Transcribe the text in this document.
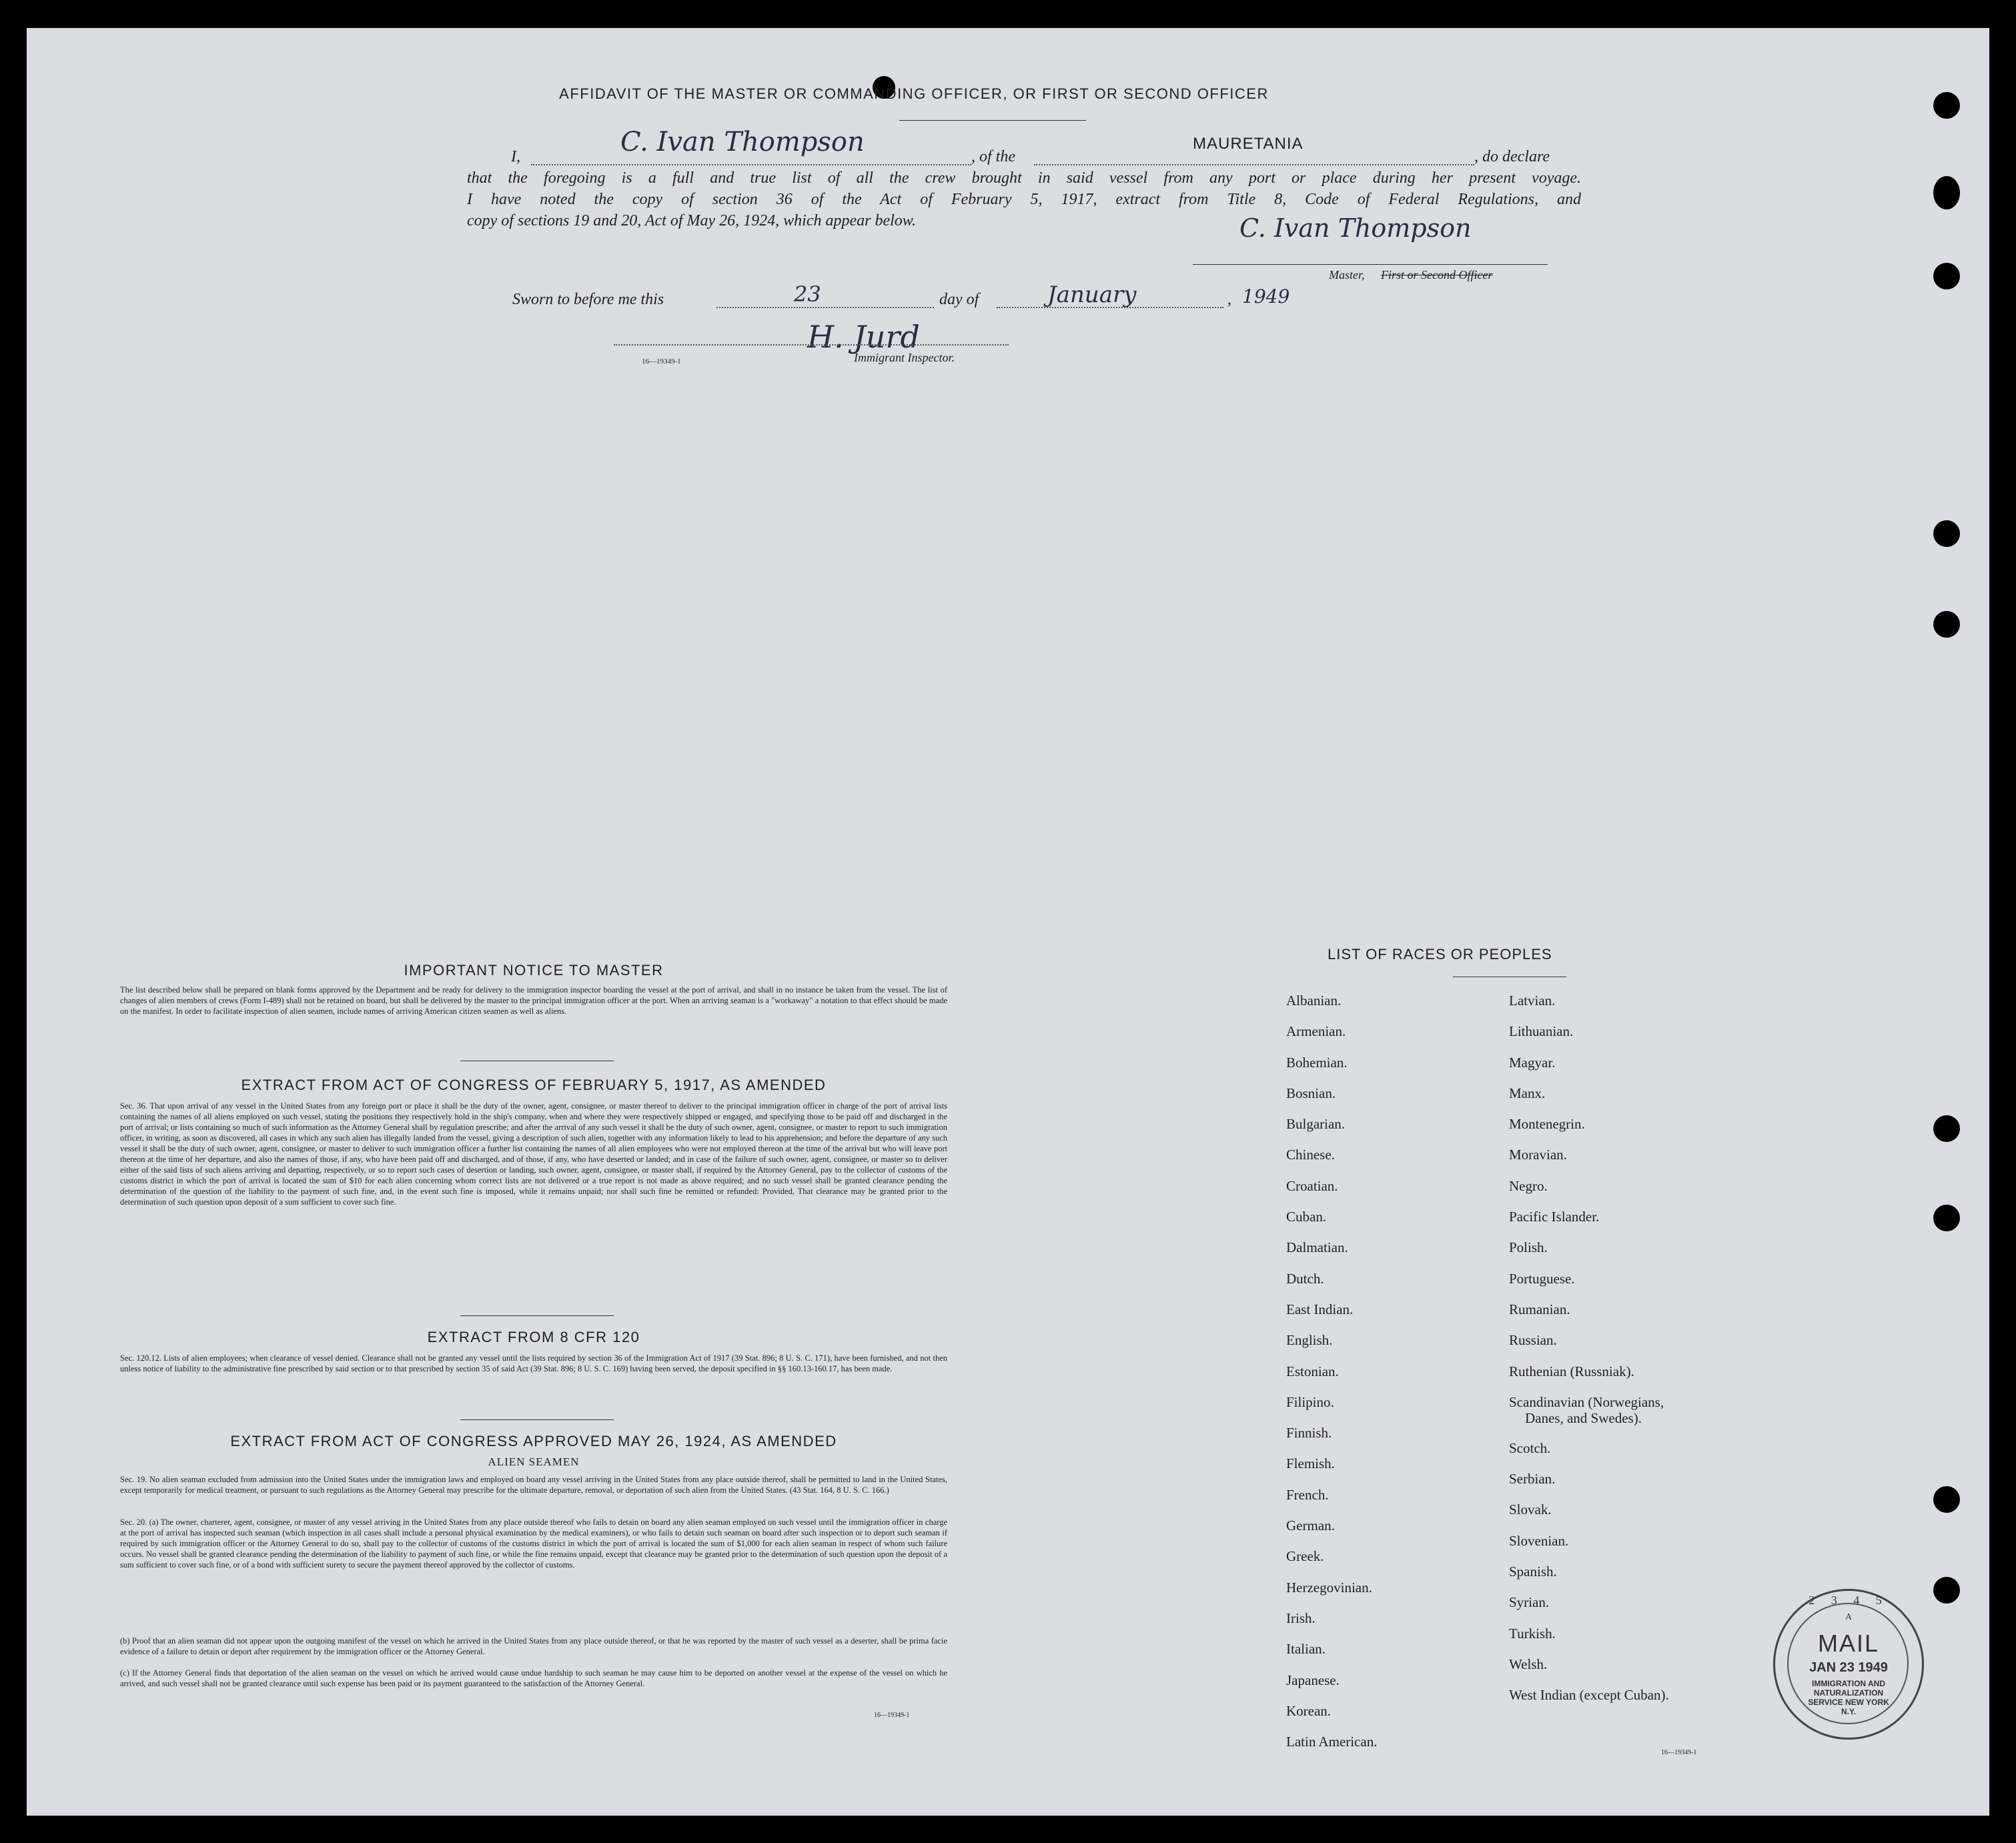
AFFIDAVIT OF THE MASTER OR COMMANDING OFFICER, OR FIRST OR SECOND OFFICER
I,	C. Ivan Thompson	, of the
MAURETANIA
, do declare
that the foregoing is a full and true list of all the crew brought in said vessel from any port or place during her present voyage.
I have noted the copy of section 36 of the Act of February 5, 1917, extract from Title 8, Code of Federal Regulations, and
copy of sections 19 and 20, Act of May 26, 1924, which appear below.	C. Ivan Thompson
Master, First or Second Officer
Sworn to before me this	23	day of	January	, 1949
H. Jurd
16—19349-1	Immigrant Inspector.
IMPORTANT NOTICE TO MASTER
The list described below shall be prepared on blank forms approved by the Department and be ready for delivery to the immigration inspector boarding the vessel at the port of arrival, and shall in no instance be taken from the vessel. The list of changes of alien members of crews (Form I-489) shall not be retained on board, but shall be delivered by the master to the principal immigration officer at the port. When an arriving seaman is a "workaway" a notation to that effect should be made on the manifest. In order to facilitate inspection of alien seamen, include names of arriving American citizen seamen as well as aliens.
EXTRACT FROM ACT OF CONGRESS OF FEBRUARY 5, 1917, AS AMENDED
Sec. 36. That upon arrival of any vessel in the United States from any foreign port or place it shall be the duty of the owner, agent, consignee, or master thereof to deliver to the principal immigration officer in charge of the port of arrival lists containing the names of all aliens employed on such vessel, stating the positions they respectively hold in the ship's company, when and where they were respectively shipped or engaged, and specifying those to be paid off and discharged in the port of arrival; or lists containing so much of such information as the Attorney General shall by regulation prescribe; and after the arrival of any such vessel it shall be the duty of such owner, agent, consignee, or master to report to such immigration officer, in writing, as soon as discovered, all cases in which any such alien has illegally landed from the vessel, giving a description of such alien, together with any information likely to lead to his apprehension; and before the departure of any such vessel it shall be the duty of such owner, agent, consignee, or master to deliver to such immigration officer a further list containing the names of all alien employees who were not employed thereon at the time of the arrival but who will leave port thereon at the time of her departure, and also the names of those, if any, who have been paid off and discharged, and of those, if any, who have deserted or landed; and in case of the failure of such owner, agent, consignee, or master so to deliver either of the said lists of such aliens arriving and departing, respectively, or so to report such cases of desertion or landing, such owner, agent, consignee, or master shall, if required by the Attorney General, pay to the collector of customs of the customs district in which the port of arrival is located the sum of $10 for each alien concerning whom correct lists are not delivered or a true report is not made as above required; and no such vessel shall be granted clearance pending the determination of the question of the liability to the payment of such fine, and, in the event such fine is imposed, while it remains unpaid; nor shall such fine be remitted or refunded: Provided, That clearance may be granted prior to the determination of such question upon deposit of a sum sufficient to cover such fine.
EXTRACT FROM 8 CFR 120
Sec. 120.12. Lists of alien employees; when clearance of vessel denied. Clearance shall not be granted any vessel until the lists required by section 36 of the Immigration Act of 1917 (39 Stat. 896; 8 U. S. C. 171), have been furnished, and not then unless notice of liability to the administrative fine prescribed by said section or to that prescribed by section 35 of said Act (39 Stat. 896; 8 U. S. C. 169) having been served, the deposit specified in §§ 160.13-160.17, has been made.
EXTRACT FROM ACT OF CONGRESS APPROVED MAY 26, 1924, AS AMENDED
ALIEN SEAMEN
Sec. 19. No alien seaman excluded from admission into the United States under the immigration laws and employed on board any vessel arriving in the United States from any place outside thereof, shall be permitted to land in the United States, except temporarily for medical treatment, or pursuant to such regulations as the Attorney General may prescribe for the ultimate departure, removal, or deportation of such alien from the United States. (43 Stat. 164, 8 U. S. C. 166.)
Sec. 20. (a) The owner, charterer, agent, consignee, or master of any vessel arriving in the United States from any place outside thereof who fails to detain on board any alien seaman employed on such vessel until the immigration officer in charge at the port of arrival has inspected such seaman (which inspection in all cases shall include a personal physical examination by the medical examiners), or who fails to detain such seaman on board after such inspection or to deport such seaman if required by such immigration officer or the Attorney General to do so, shall pay to the collector of customs of the customs district in which the port of arrival is located the sum of $1,000 for each alien seaman in respect of whom such failure occurs. No vessel shall be granted clearance pending the determination of the liability to payment of such fine, or while the fine remains unpaid, except that clearance may be granted prior to the determination of such question upon the deposit of a sum sufficient to cover such fine, or of a bond with sufficient surety to secure the payment thereof approved by the collector of customs.
(b) Proof that an alien seaman did not appear upon the outgoing manifest of the vessel on which he arrived in the United States from any place outside thereof, or that he was reported by the master of such vessel as a deserter, shall be prima facie evidence of a failure to detain or deport after requirement by the immigration officer or the Attorney General.
(c) If the Attorney General finds that deportation of the alien seaman on the vessel on which he arrived would cause undue hardship to such seaman he may cause him to be deported on another vessel at the expense of the vessel on which he arrived, and such vessel shall not be granted clearance until such expense has been paid or its payment guaranteed to the satisfaction of the Attorney General.
16—19349-1
LIST OF RACES OR PEOPLES
Albanian.
Armenian.
Bohemian.
Bosnian.
Bulgarian.
Chinese.
Croatian.
Cuban.
Dalmatian.
Dutch.
East Indian.
English.
Estonian.
Filipino.
Finnish.
Flemish.
French.
German.
Greek.
Herzegovinian.
Irish.
Italian.
Japanese.
Korean.
Latin American.
Latvian.
Lithuanian.
Magyar.
Manx.
Montenegrin.
Moravian.
Negro.
Pacific Islander.
Polish.
Portuguese.
Rumanian.
Russian.
Ruthenian (Russniak).
Scandinavian (Norwegians,
Danes, and Swedes).
Scotch.
Serbian.
Slovak.
Slovenian.
Spanish.
Syrian.
Turkish.
Welsh.
West Indian (except Cuban).
16—19349-1
2 3 4 5
A
MAIL
JAN 23 1949
IMMIGRATION AND NATURALIZATION SERVICE NEW YORK N.Y.
